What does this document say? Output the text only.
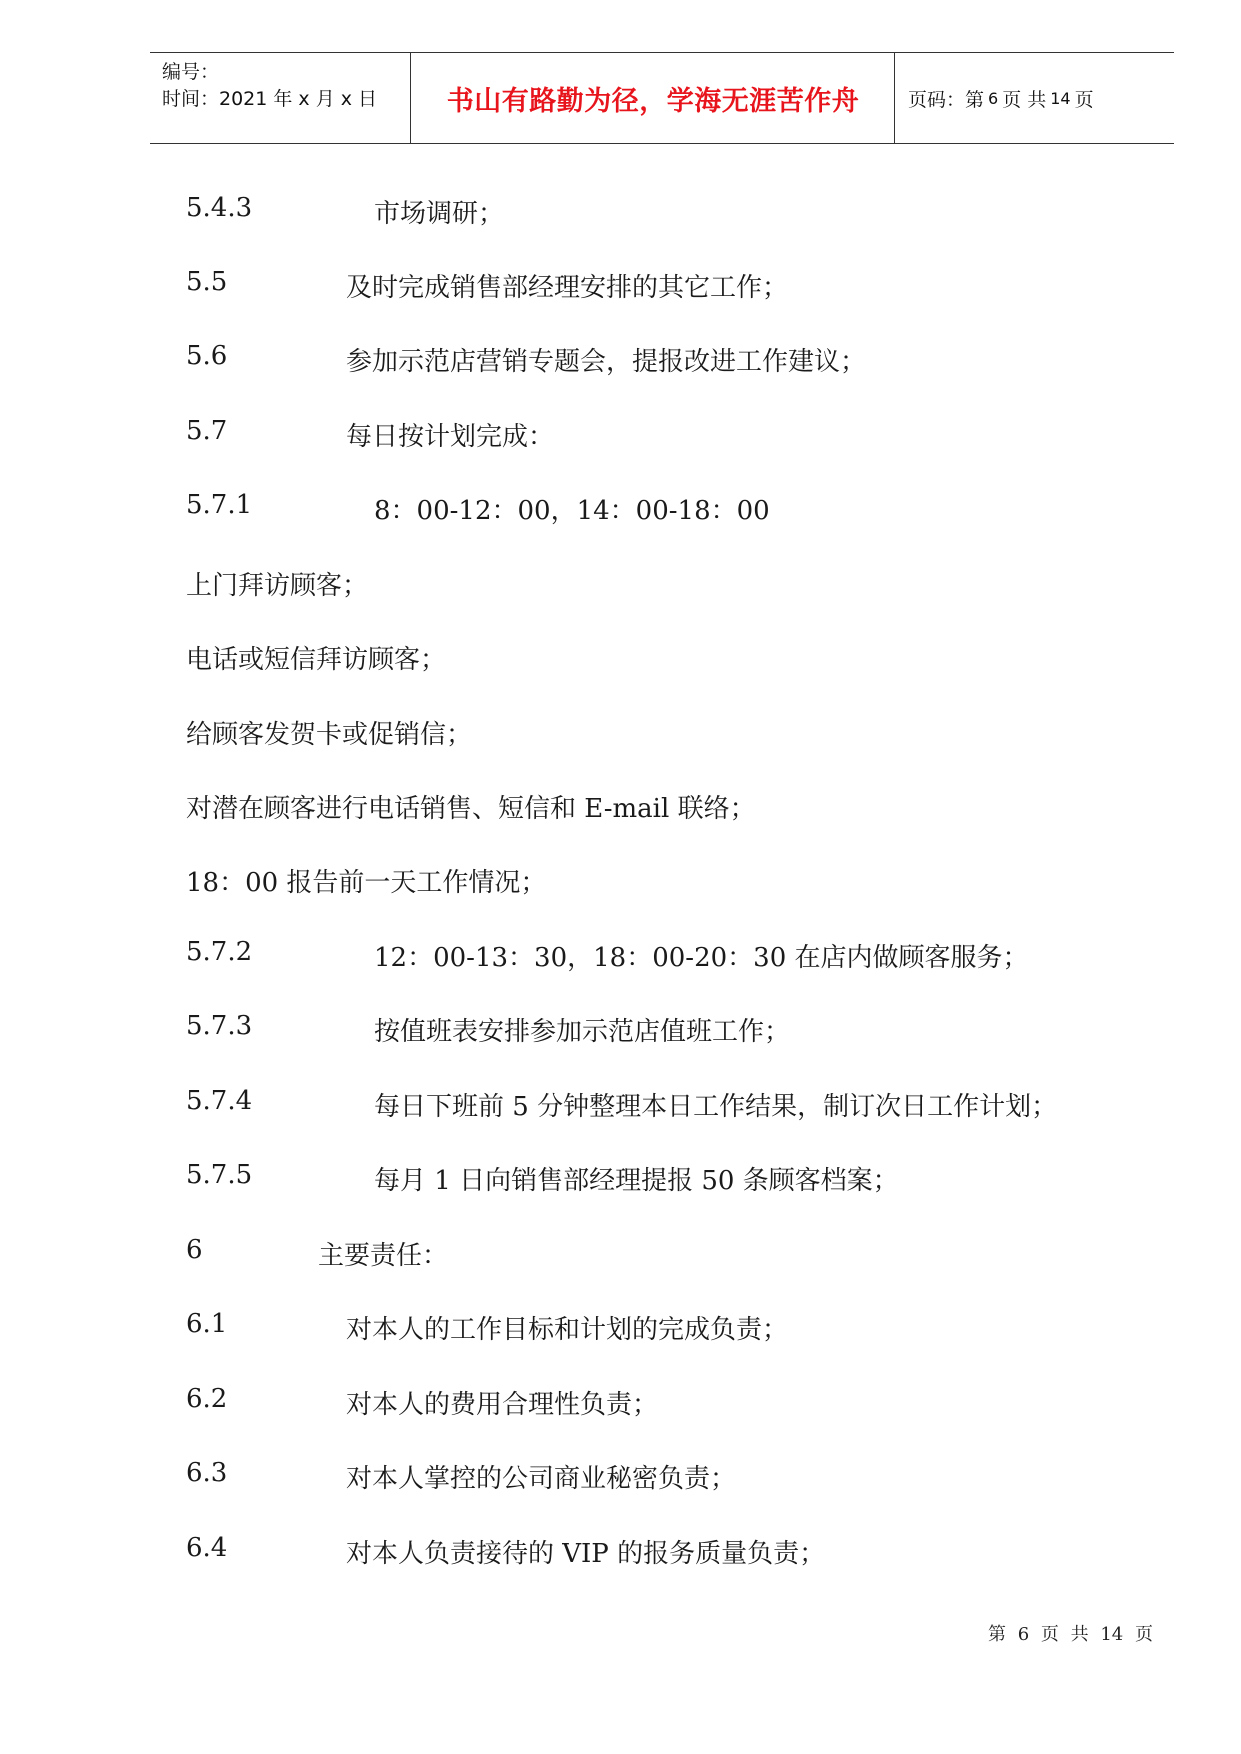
编号：
时间：2021 年 x 月 x 日	书山有路勤为径，学海无涯苦作舟	页码：第 6 页 共 14 页
5.4.3	市场调研；
5.5	及时完成销售部经理安排的其它工作；
5.6	参加示范店营销专题会，提报改进工作建议；
5.7	每日按计划完成：
5.7.1	8：00-12：00，14：00-18：00
上门拜访顾客；
电话或短信拜访顾客；
给顾客发贺卡或促销信；
对潜在顾客进行电话销售、短信和 E-mail 联络；
18：00 报告前一天工作情况；
5.7.2	12：00-13：30，18：00-20：30 在店内做顾客服务；
5.7.3	按值班表安排参加示范店值班工作；
5.7.4	每日下班前 5 分钟整理本日工作结果，制订次日工作计划；
5.7.5	每月 1 日向销售部经理提报 50 条顾客档案；
6	主要责任：
6.1	对本人的工作目标和计划的完成负责；
6.2	对本人的费用合理性负责；
6.3	对本人掌控的公司商业秘密负责；
6.4	对本人负责接待的 VIP 的报务质量负责；
第 6 页 共 14 页
